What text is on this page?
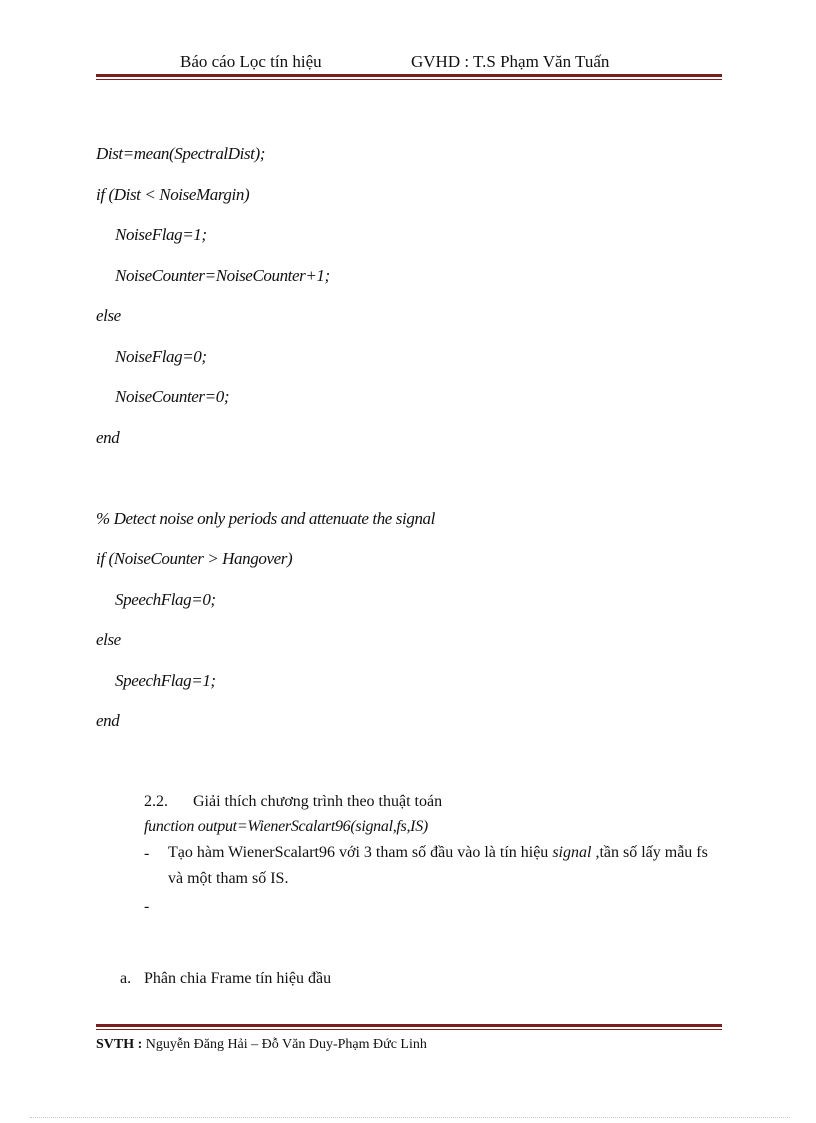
Báo cáo Lọc tín hiệu	GVHD : T.S Phạm Văn Tuấn
Dist=mean(SpectralDist);
if (Dist < NoiseMargin)
NoiseFlag=1;
NoiseCounter=NoiseCounter+1;
else
NoiseFlag=0;
NoiseCounter=0;
end
% Detect noise only periods and attenuate the signal
if (NoiseCounter > Hangover)
SpeechFlag=0;
else
SpeechFlag=1;
end
2.2. Giải thích chương trình theo thuật toán
function output=WienerScalart96(signal,fs,IS)
- Tạo hàm WienerScalart96 với 3 tham số đầu vào là tín hiệu signal ,tần số lấy mẫu fs và một tham số IS.
-
a. Phân chia Frame tín hiệu đầu
SVTH : Nguyễn Đăng Hải – Đỗ Văn Duy-Phạm Đức Linh
